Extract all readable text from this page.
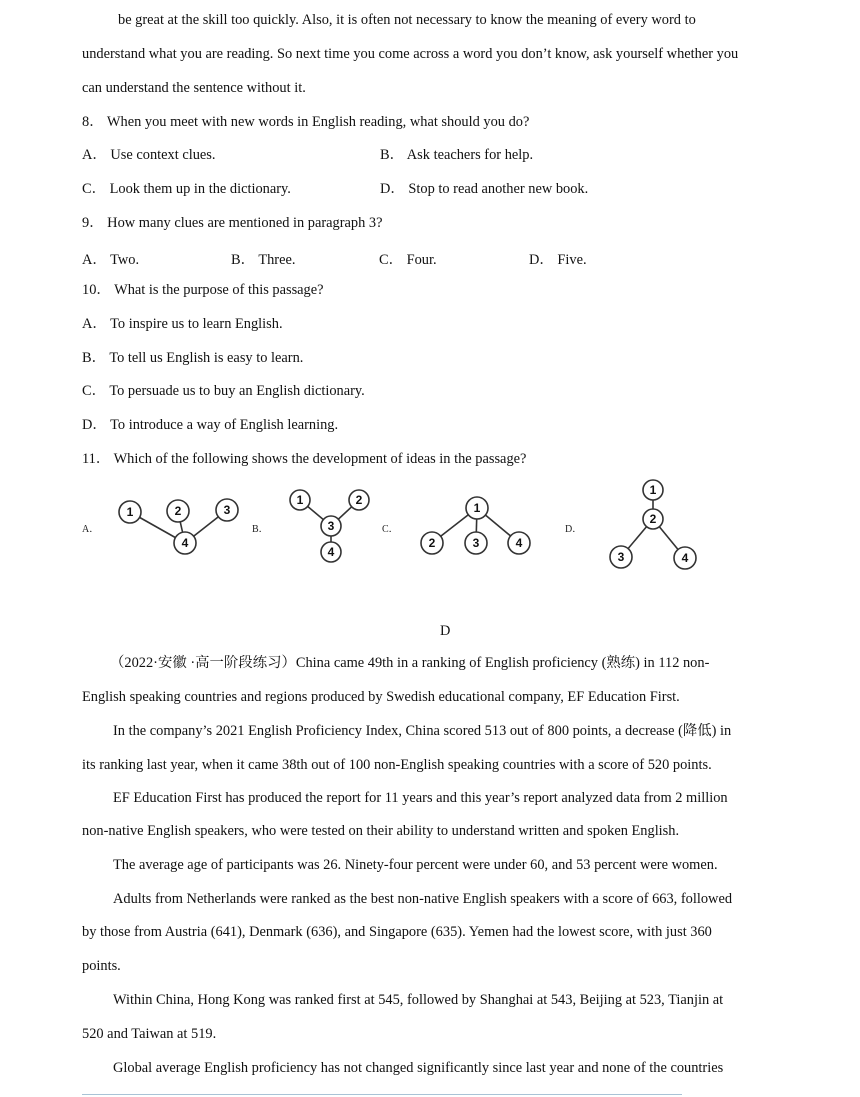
be great at the skill too quickly. Also, it is often not necessary to know the meaning of every word to
understand what you are reading. So next time you come across a word you don’t know, ask yourself whether you
can understand the sentence without it.
8． When you meet with new words in English reading, what should you do?
A． Use context clues.	B． Ask teachers for help.
C． Look them up in the dictionary.	D． Stop to read another new book.
9． How many clues are mentioned in paragraph 3?
A． Two.	B． Three.	C． Four.	D． Five.
10． What is the purpose of this passage?
A． To inspire us to learn English.
B． To tell us English is easy to learn.
C． To persuade us to buy an English dictionary.
D． To introduce a way of English learning.
11． Which of the following shows the development of ideas in the passage?
A．
1	2	3
4
B．
1	2
3
4
C．
1
2	3	4
D．
1
2
3	4
D
（2022·安徽 ·高一阶段练习）China came 49th in a ranking of English proficiency (熟练) in 112 non-
English speaking countries and regions produced by Swedish educational company, EF Education First.
In the company’s 2021 English Proficiency Index, China scored 513 out of 800 points, a decrease (降低) in
its ranking last year, when it came 38th out of 100 non-English speaking countries with a score of 520 points.
EF Education First has produced the report for 11 years and this year’s report analyzed data from 2 million
non-native English speakers, who were tested on their ability to understand written and spoken English.
The average age of participants was 26. Ninety-four percent were under 60, and 53 percent were women.
Adults from Netherlands were ranked as the best non-native English speakers with a score of 663, followed
by those from Austria (641), Denmark (636), and Singapore (635). Yemen had the lowest score, with just 360
points.
Within China, Hong Kong was ranked first at 545, followed by Shanghai at 543, Beijing at 523, Tianjin at
520 and Taiwan at 519.
Global average English proficiency has not changed significantly since last year and none of the countries
